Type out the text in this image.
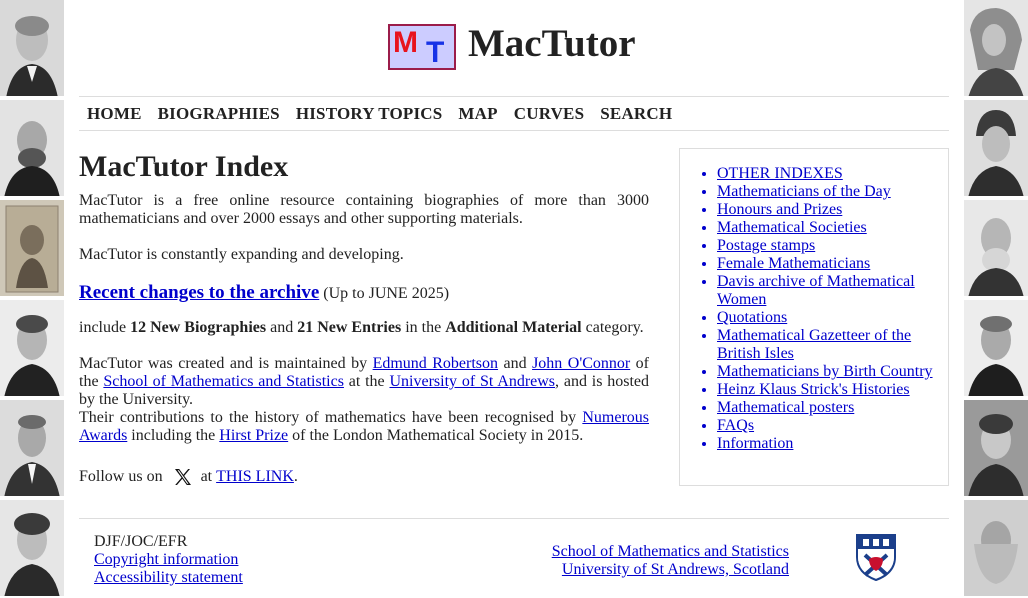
M T MacTutor
HOME BIOGRAPHIES HISTORY TOPICS MAP CURVES SEARCH
MacTutor Index
MacTutor is a free online resource containing biographies of more than 3000 mathematicians and over 2000 essays and other supporting materials.
MacTutor is constantly expanding and developing.
Recent changes to the archive (Up to JUNE 2025)
include 12 New Biographies and 21 New Entries in the Additional Material category.
MacTutor was created and is maintained by Edmund Robertson and John O'Connor of the School of Mathematics and Statistics at the University of St Andrews, and is hosted by the University.
Their contributions to the history of mathematics have been recognised by Numerous Awards including the Hirst Prize of the London Mathematical Society in 2015.
Follow us on at
THIS LINK .
• OTHER INDEXES
• Mathematicians of the Day
• Honours and Prizes
• Mathematical Societies
• Postage stamps
• Female Mathematicians
• Davis archive of Mathematical Women
• Quotations
• Mathematical Gazetteer of the British Isles
• Mathematicians by Birth Country
• Heinz Klaus Strick's Histories
• Mathematical posters
• FAQs
• Information
DJF/JOC/EFR
Copyright information
Accessibility statement
School of Mathematics and Statistics
University of St Andrews, Scotland
